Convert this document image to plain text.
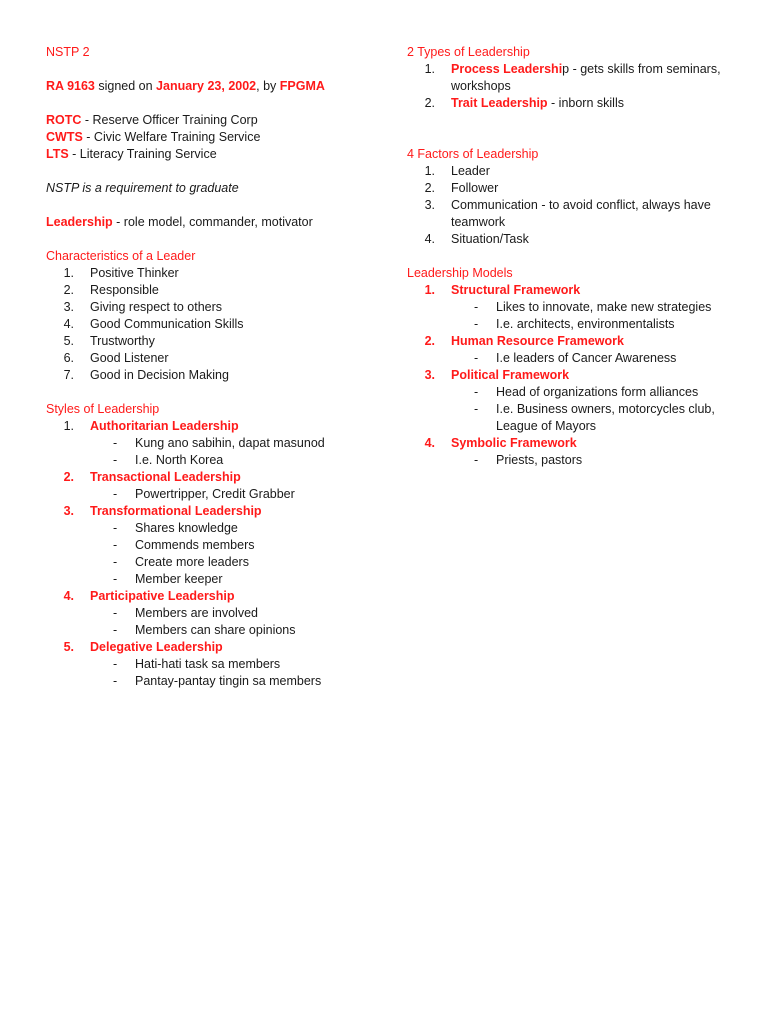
NSTP 2

RA 9163 signed on January 23, 2002, by FPGMA

ROTC - Reserve Officer Training Corp

CWTS - Civic Welfare Training Service

LTS - Literacy Training Service

NSTP is a requirement to graduate

Leadership - role model, commander, motivator

Characteristics of a Leader

1. Positive Thinker

2. Responsible

3. Giving respect to others

4. Good Communication Skills

5. Trustworthy

6. Good Listener

7. Good in Decision Making

Styles of Leadership

1. Authoritarian Leadership

- Kung ano sabihin, dapat masunod

- I.e. North Korea

2. Transactional Leadership

- Powertripper, Credit Grabber

3. Transformational Leadership

- Shares knowledge

- Commends members

- Create more leaders

- Member keeper

4. Participative Leadership

- Members are involved

- Members can share opinions

5. Delegative Leadership

- Hati-hati task sa members

- Pantay-pantay tingin sa members

2 Types of Leadership

1. Process Leadership - gets skills from seminars,

workshops

2. Trait Leadership - inborn skills

4 Factors of Leadership

1. Leader

2. Follower

3. Communication - to avoid conflict, always have

teamwork

4. Situation/Task

Leadership Models

1. Structural Framework

- Likes to innovate, make new strategies

- I.e. architects, environmentalists

2. Human Resource Framework

- I.e leaders of Cancer Awareness

3. Political Framework

- Head of organizations form alliances

- I.e. Business owners, motorcycles club,

League of Mayors

4. Symbolic Framework

- Priests, pastors
